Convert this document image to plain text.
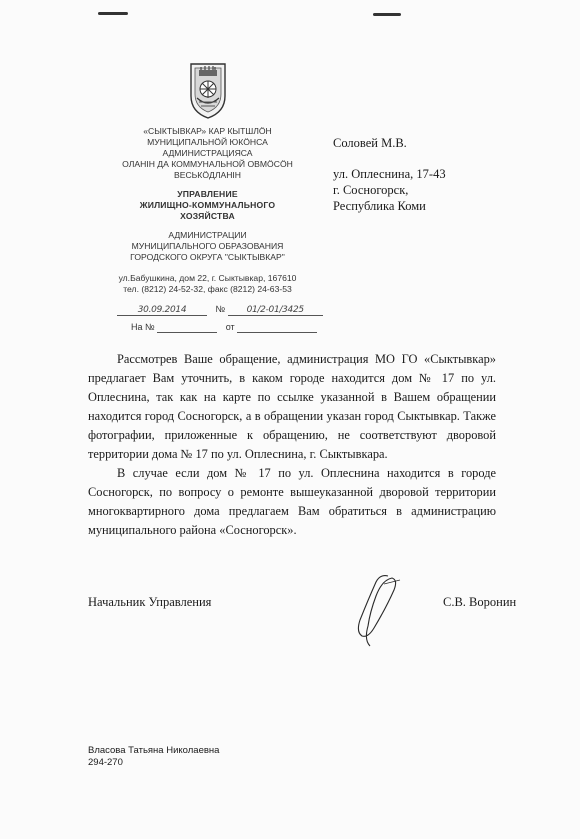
«СЫКТЫВКАР» КАР КЫТШЛÖН
МУНИЦИПАЛЬНÖЙ ЮКÖНСА
АДМИНИСТРАЦИЯСА
ОЛАНIН ДА КОММУНАЛЬНОЙ ОВМÖСÖН
ВЕСЬКÖДЛАНIН
УПРАВЛЕНИЕ
ЖИЛИЩНО-КОММУНАЛЬНОГО
ХОЗЯЙСТВА
АДМИНИСТРАЦИИ
МУНИЦИПАЛЬНОГО ОБРАЗОВАНИЯ
ГОРОДСКОГО ОКРУГА "СЫКТЫВКАР"
ул.Бабушкина, дом 22, г. Сыктывкар, 167610
тел. (8212) 24-52-32, факс (8212) 24-63-53
30.09.2014	№ 01/2-01/3425
На №	от
Соловей М.В.
ул. Оплеснина, 17-43
г. Сосногорск,
Республика Коми

Рассмотрев Ваше обращение, администрация МО ГО «Сыктывкар» предлагает Вам уточнить, в каком городе находится дом № 17 по ул. Оплеснина, так как на карте по ссылке указанной в Вашем обращении находится город Сосногорск, а в обращении указан город Сыктывкар. Также фотографии, приложенные к обращению, не соответствуют дворовой территории дома № 17 по ул. Оплеснина, г. Сыктывкара.

В случае если дом № 17 по ул. Оплеснина находится в городе Сосногорск, по вопросу о ремонте вышеуказанной дворовой территории многоквартирного дома предлагаем Вам обратиться в администрацию муниципального района «Сосногорск».

Начальник Управления	С.В. Воронин
Власова Татьяна Николаевна
294-270
